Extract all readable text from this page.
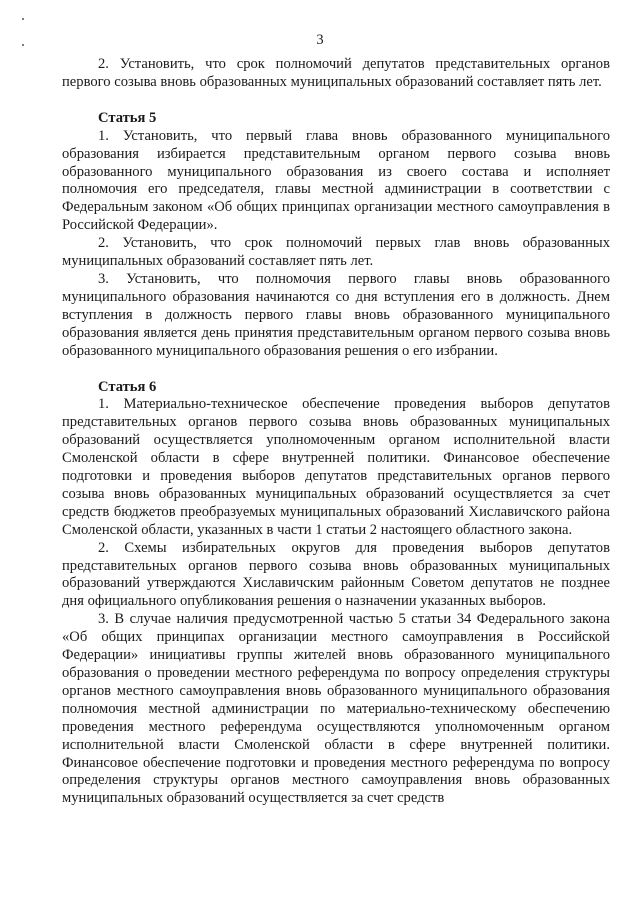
3

2. Установить, что срок полномочий депутатов представительных органов первого созыва вновь образованных муниципальных образований составляет пять лет.

Статья 5

1. Установить, что первый глава вновь образованного муниципального образования избирается представительным органом первого созыва вновь образованного муниципального образования из своего состава и исполняет полномочия его председателя, главы местной администрации в соответствии с Федеральным законом «Об общих принципах организации местного самоуправления в Российской Федерации».

2. Установить, что срок полномочий первых глав вновь образованных муниципальных образований составляет пять лет.

3. Установить, что полномочия первого главы вновь образованного муниципального образования начинаются со дня вступления его в должность. Днем вступления в должность первого главы вновь образованного муниципального образования является день принятия представительным органом первого созыва вновь образованного муниципального образования решения о его избрании.

Статья 6

1. Материально-техническое обеспечение проведения выборов депутатов представительных органов первого созыва вновь образованных муниципальных образований осуществляется уполномоченным органом исполнительной власти Смоленской области в сфере внутренней политики. Финансовое обеспечение подготовки и проведения выборов депутатов представительных органов первого созыва вновь образованных муниципальных образований осуществляется за счет средств бюджетов преобразуемых муниципальных образований Хиславичского района Смоленской области, указанных в части 1 статьи 2 настоящего областного закона.

2. Схемы избирательных округов для проведения выборов депутатов представительных органов первого созыва вновь образованных муниципальных образований утверждаются Хиславичским районным Советом депутатов не позднее дня официального опубликования решения о назначении указанных выборов.

3. В случае наличия предусмотренной частью 5 статьи 34 Федерального закона «Об общих принципах организации местного самоуправления в Российской Федерации» инициативы группы жителей вновь образованного муниципального образования о проведении местного референдума по вопросу определения структуры органов местного самоуправления вновь образованного муниципального образования полномочия местной администрации по материально-техническому обеспечению проведения местного референдума осуществляются уполномоченным органом исполнительной власти Смоленской области в сфере внутренней политики. Финансовое обеспечение подготовки и проведения местного референдума по вопросу определения структуры органов местного самоуправления вновь образованных муниципальных образований осуществляется за счет средств
